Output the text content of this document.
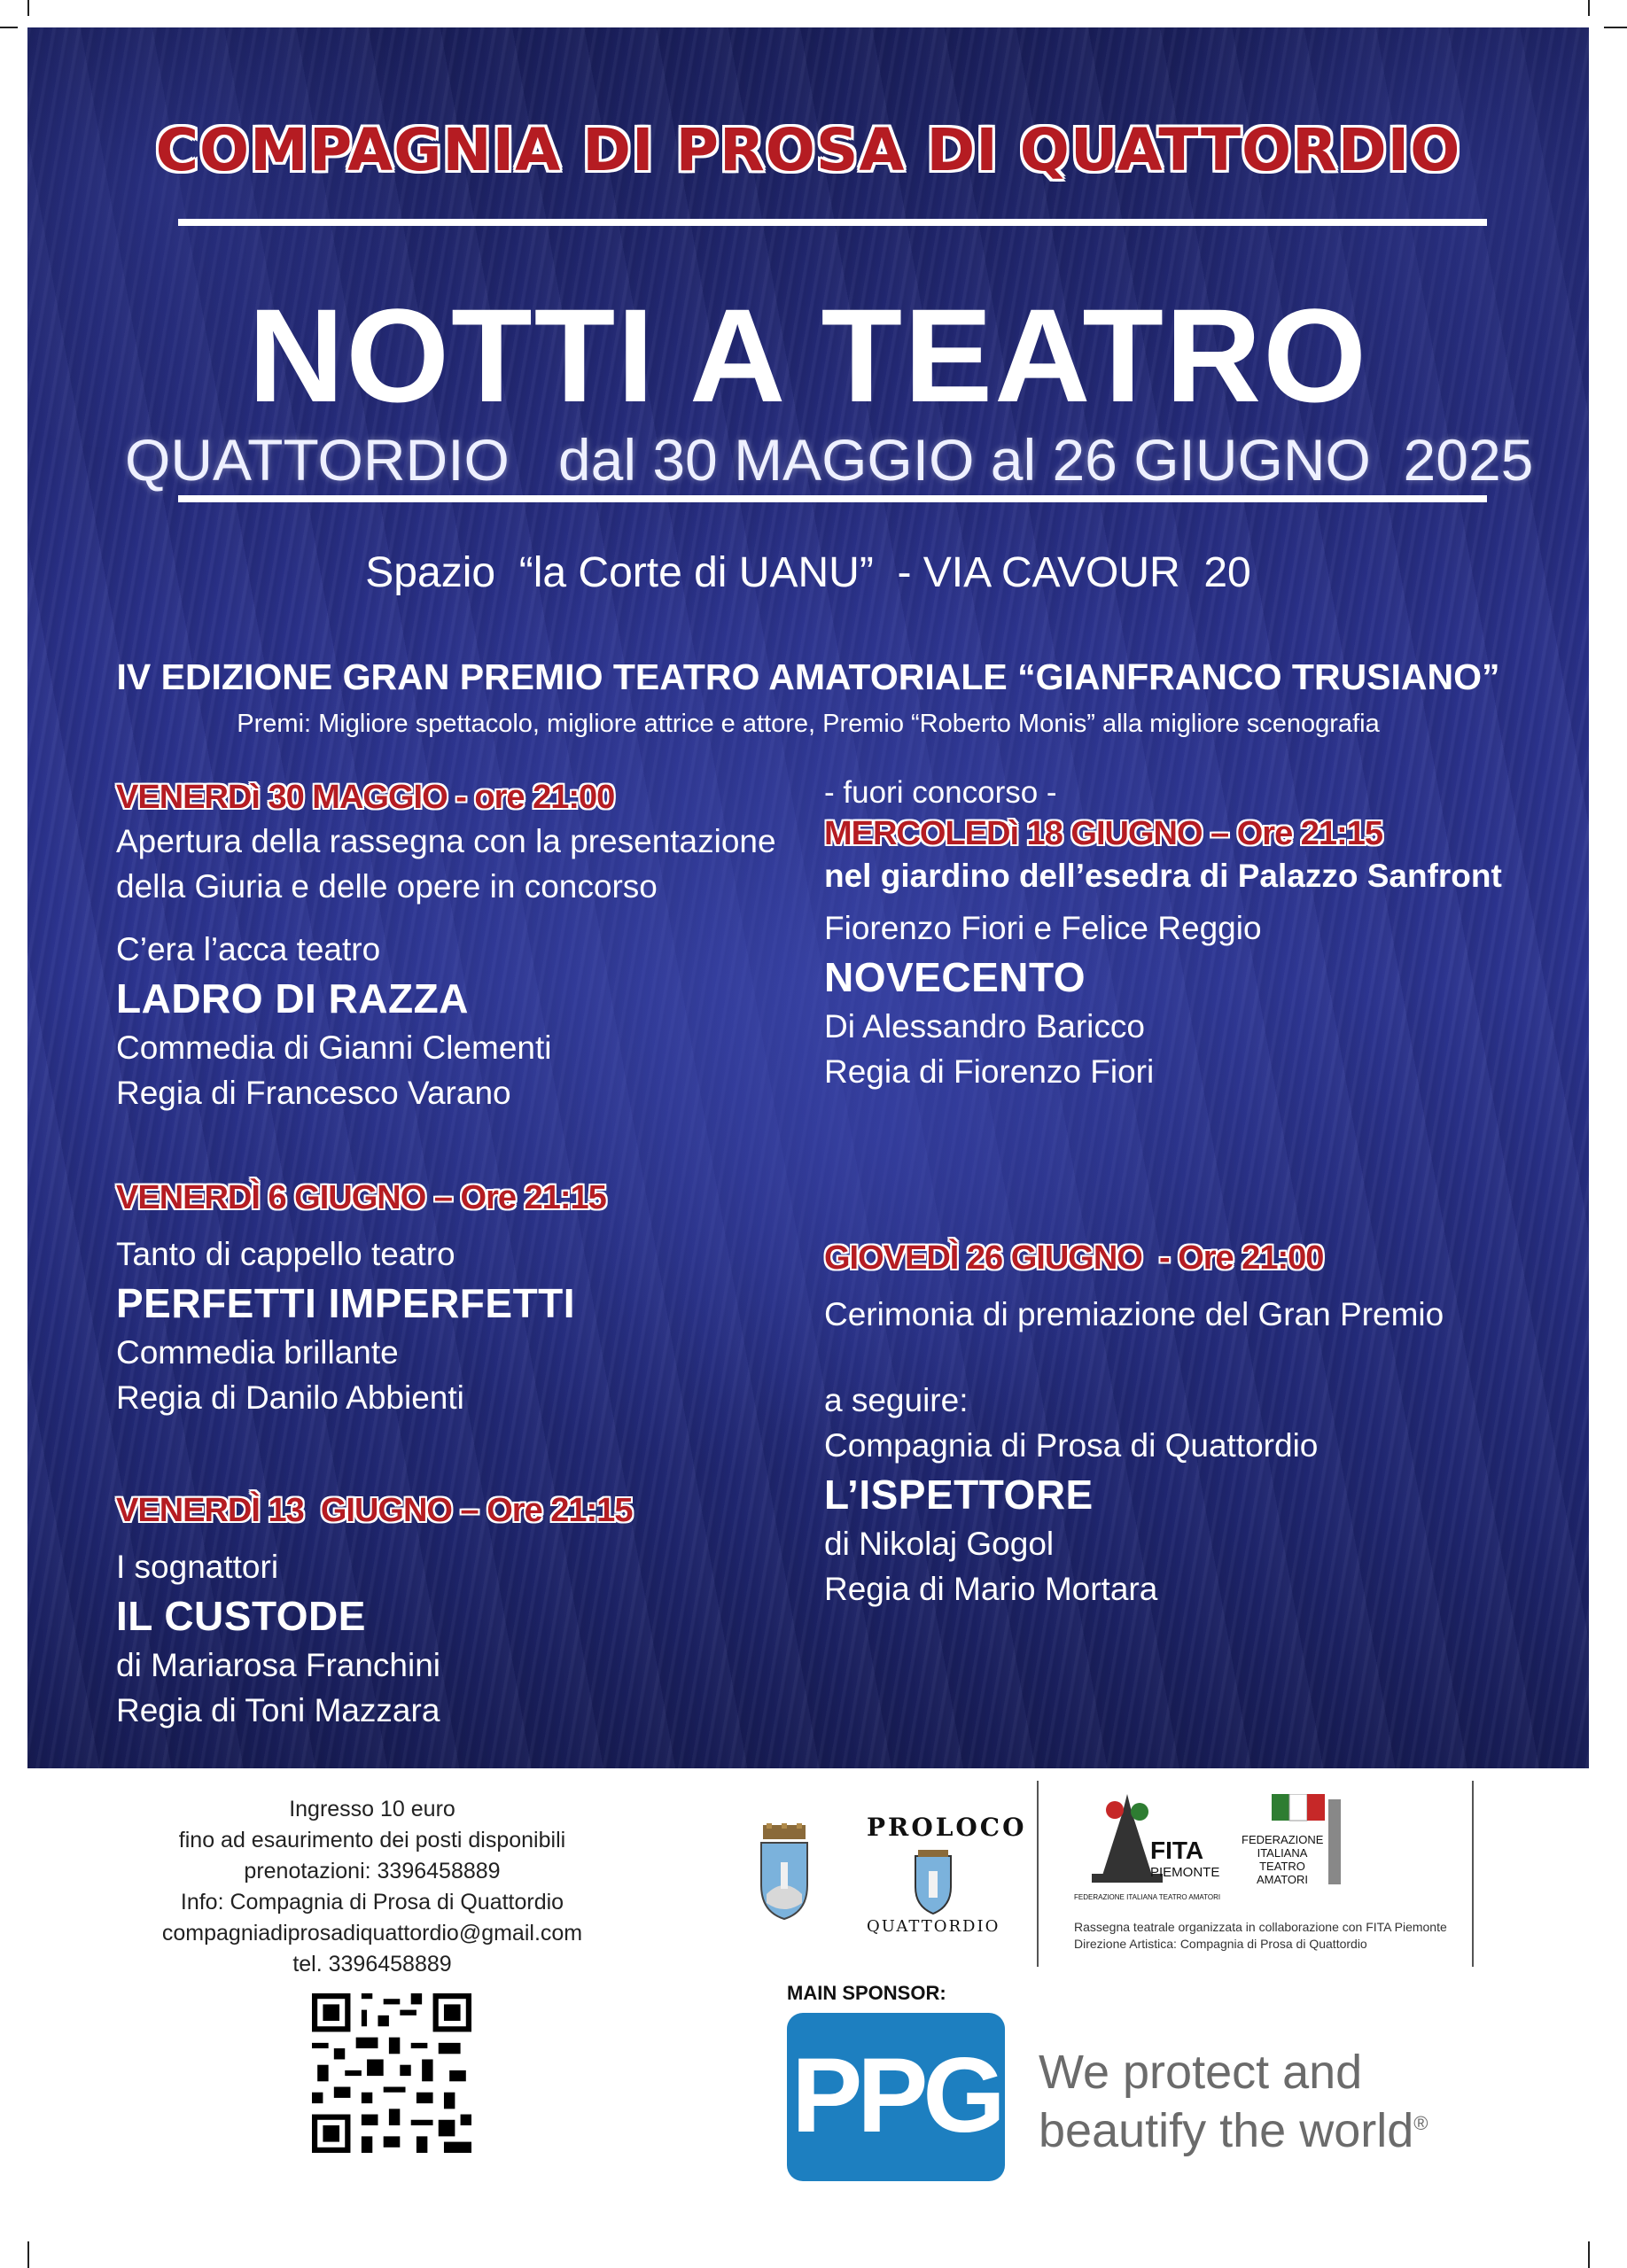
COMPAGNIA DI PROSA DI QUATTORDIO

NOTTI A TEATRO

QUATTORDIO   dal 30 MAGGIO al 26 GIUGNO  2025

Spazio  “la Corte di UANU”  - VIA CAVOUR  20

IV EDIZIONE GRAN PREMIO TEATRO AMATORIALE “GIANFRANCO TRUSIANO”

Premi: Migliore spettacolo, migliore attrice e attore, Premio “Roberto Monis” alla migliore scenografia

VENERDì 30 MAGGIO - ore 21:00
Apertura della rassegna con la presentazione
della Giuria e delle opere in concorso
C’era l’acca teatro
LADRO DI RAZZA
Commedia di Gianni Clementi
Regia di Francesco Varano
VENERDÌ 6 GIUGNO – Ore 21:15
Tanto di cappello teatro
PERFETTI IMPERFETTI
Commedia brillante
Regia di Danilo Abbienti
VENERDÌ 13  GIUGNO – Ore 21:15
I sognattori
IL CUSTODE
di Mariarosa Franchini
Regia di Toni Mazzara
- fuori concorso -
MERCOLEDì 18 GIUGNO – Ore 21:15
nel giardino dell’esedra di Palazzo Sanfront
Fiorenzo Fiori e Felice Reggio
NOVECENTO
Di Alessandro Baricco
Regia di Fiorenzo Fiori
GIOVEDÌ 26 GIUGNO  - Ore 21:00
Cerimonia di premiazione del Gran Premio
a seguire:
Compagnia di Prosa di Quattordio
L’ISPETTORE
di Nikolaj Gogol
Regia di Mario Mortara
Ingresso 10 euro
fino ad esaurimento dei posti disponibili
prenotazioni: 3396458889
Info: Compagnia di Prosa di Quattordio
compagniadiprosadiquattordio@gmail.com
tel. 3396458889
PROLOCO
QUATTORDIO
FITA
PIEMONTE
FEDERAZIONE ITALIANA TEATRO AMATORI
FEDERAZIONE
ITALIANA
TEATRO
AMATORI
Rassegna teatrale organizzata in collaborazione con FITA Piemonte
Direzione Artistica: Compagnia di Prosa di Quattordio
MAIN SPONSOR:
PPG We protect and
beautify the world®
